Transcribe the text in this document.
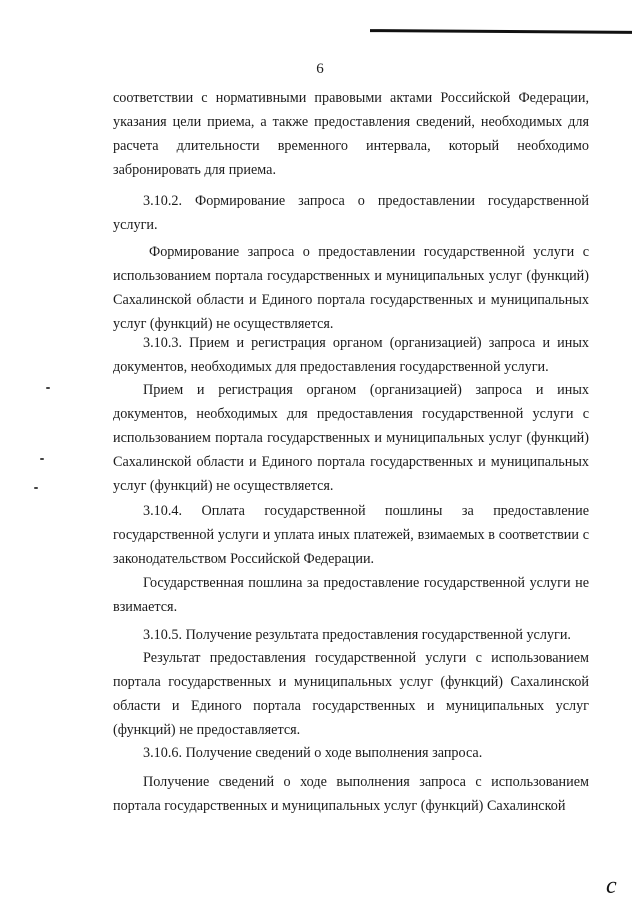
6

соответствии с нормативными правовыми актами Российской Федерации, указания цели приема, а также предоставления сведений, необходимых для расчета длительности временного интервала, который необходимо забронировать для приема.

3.10.2. Формирование запроса о предоставлении государственной услуги.

Формирование запроса о предоставлении государственной услуги с использованием портала государственных и муниципальных услуг (функций) Сахалинской области и Единого портала государственных и муниципальных услуг (функций) не осуществляется.

3.10.3. Прием и регистрация органом (организацией) запроса и иных документов, необходимых для предоставления государственной услуги.

Прием и регистрация органом (организацией) запроса и иных документов, необходимых для предоставления государственной услуги с использованием портала государственных и муниципальных услуг (функций) Сахалинской области и Единого портала государственных и муниципальных услуг (функций) не осуществляется.

3.10.4. Оплата государственной пошлины за предоставление государственной услуги и уплата иных платежей, взимаемых в соответствии с законодательством Российской Федерации.

Государственная пошлина за предоставление государственной услуги не взимается.

3.10.5. Получение результата предоставления государственной услуги.

Результат предоставления государственной услуги с использованием портала государственных и муниципальных услуг (функций) Сахалинской области и Единого портала государственных и муниципальных услуг (функций) не предоставляется.

3.10.6. Получение сведений о ходе выполнения запроса.

Получение сведений о ходе выполнения запроса с использованием портала государственных и муниципальных услуг (функций) Сахалинской

c
